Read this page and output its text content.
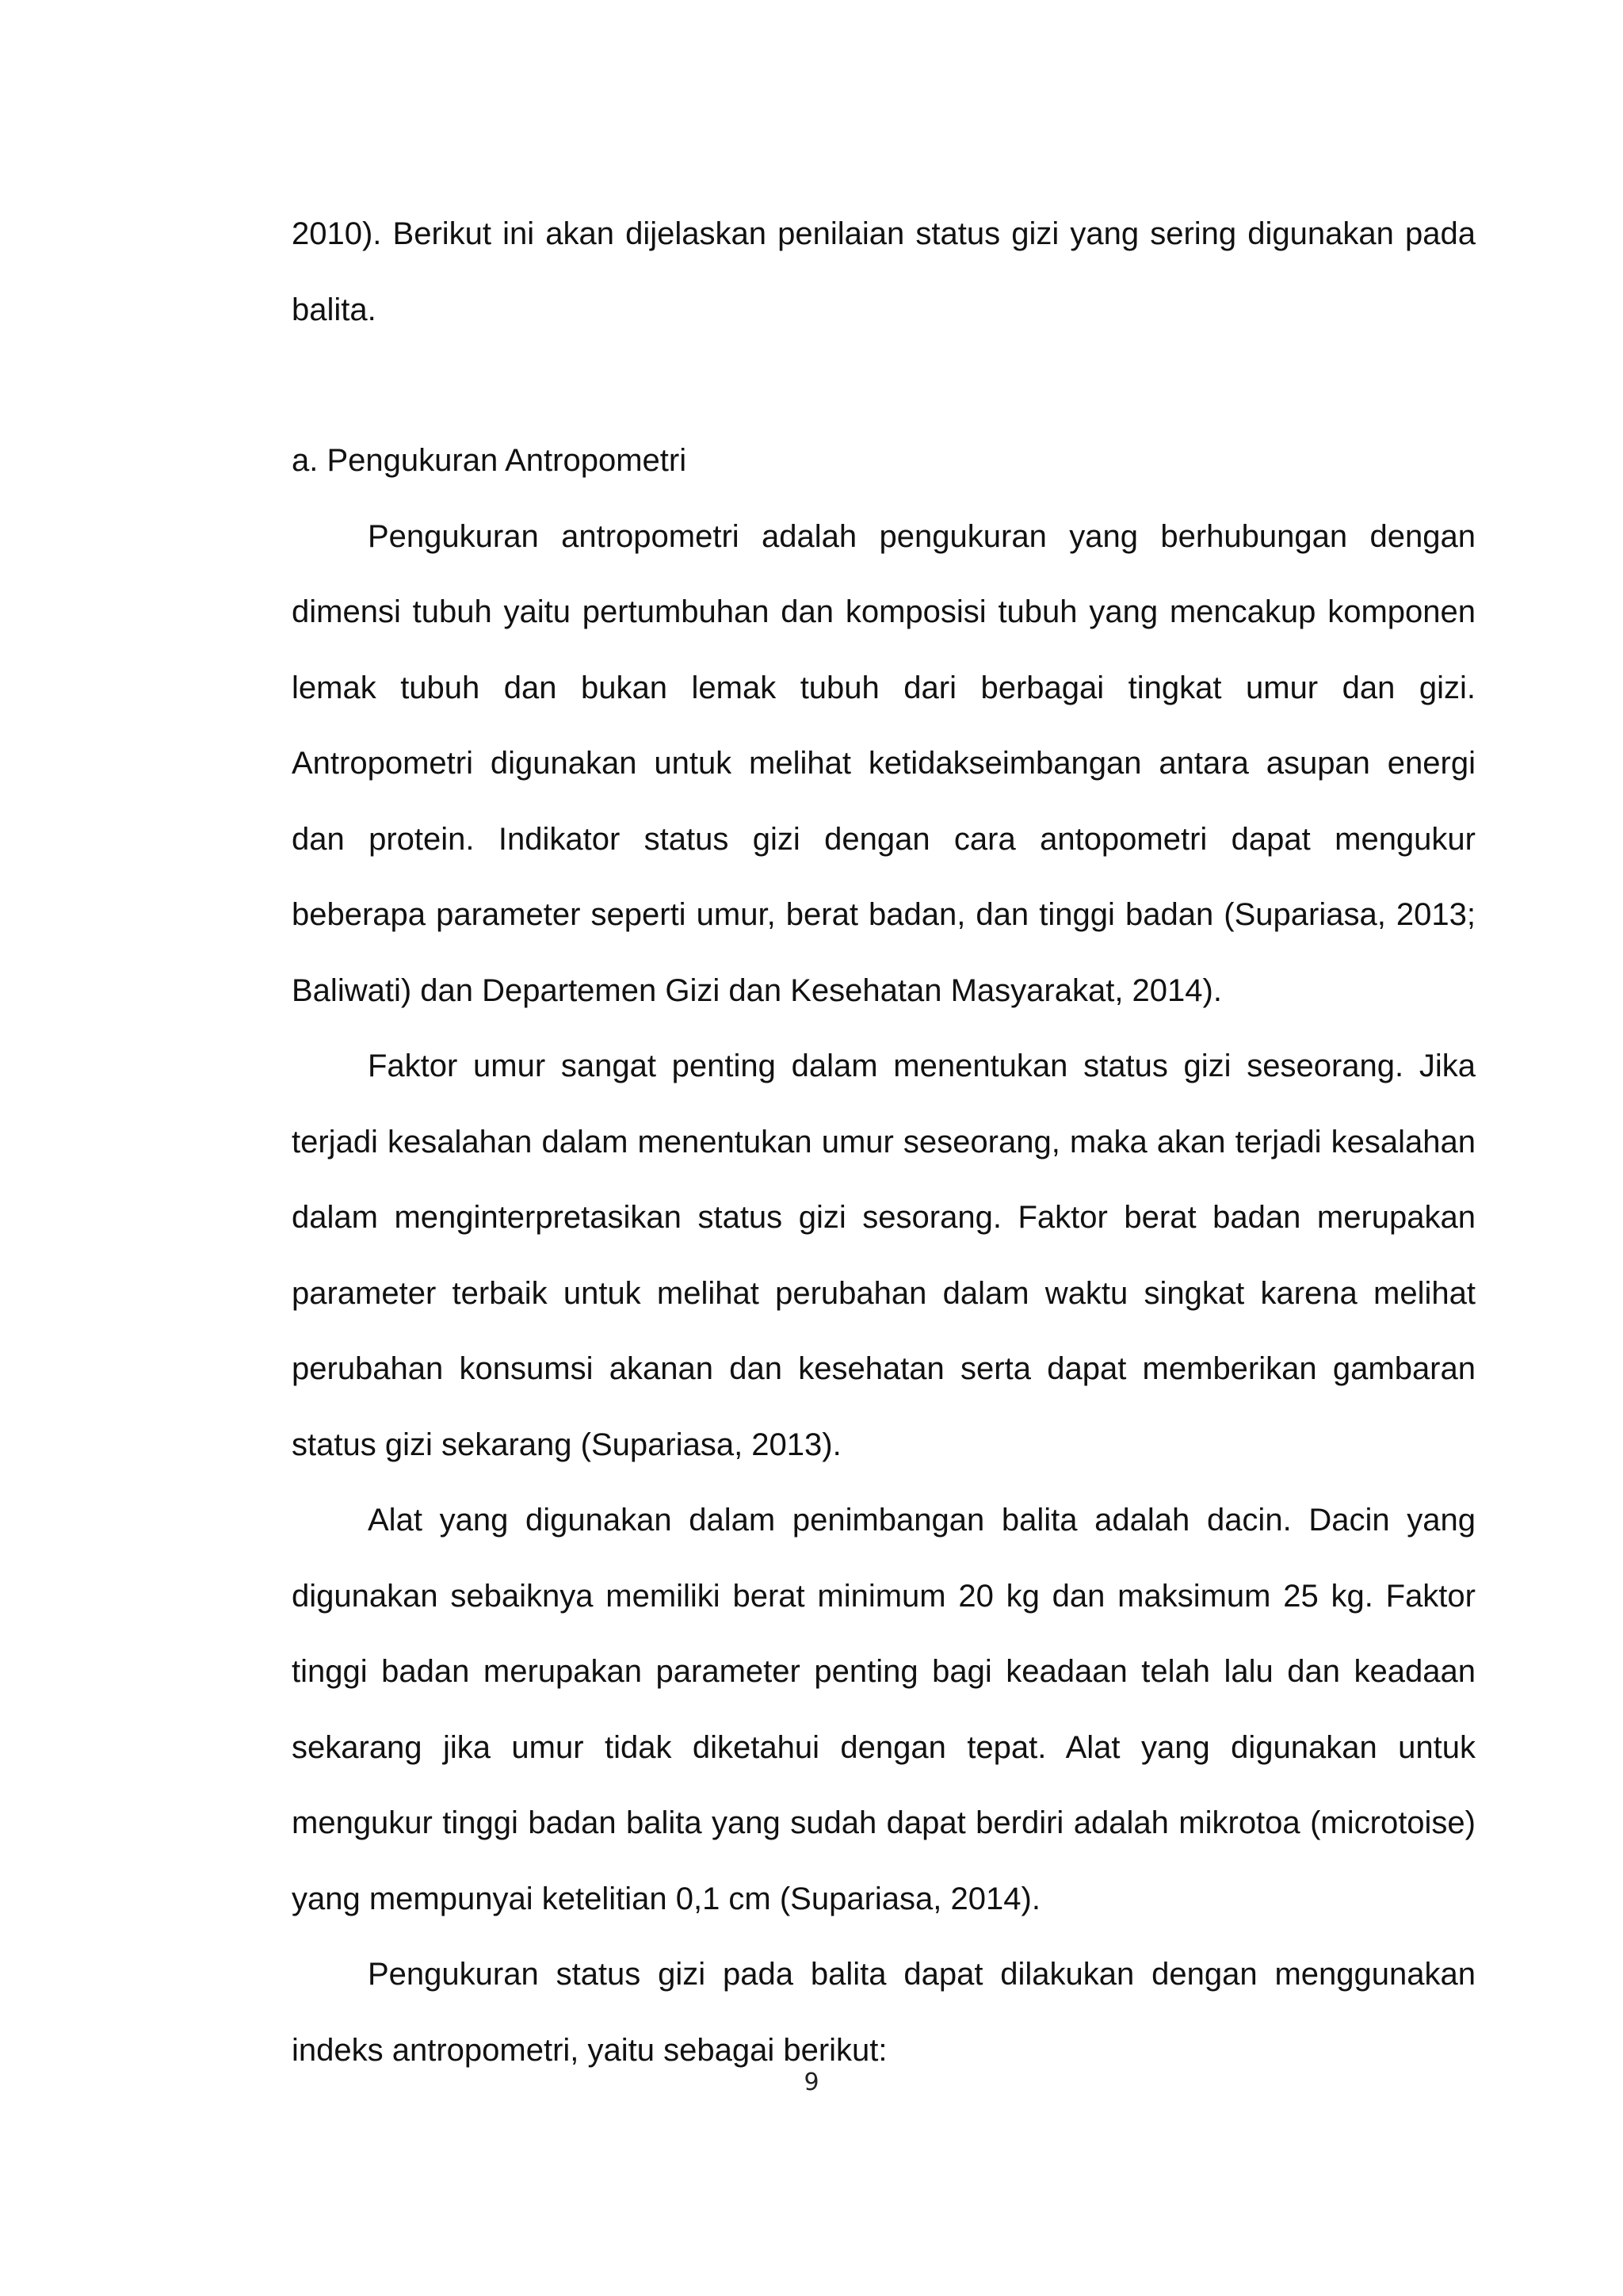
2010). Berikut ini akan dijelaskan penilaian status gizi yang sering digunakan pada balita.

a. Pengukuran Antropometri

Pengukuran antropometri adalah pengukuran yang berhubungan dengan dimensi tubuh yaitu pertumbuhan dan komposisi tubuh yang mencakup komponen lemak tubuh dan bukan lemak tubuh dari berbagai tingkat umur dan gizi. Antropometri digunakan untuk melihat ketidakseimbangan antara asupan energi dan protein. Indikator status gizi dengan cara antopometri dapat mengukur beberapa parameter seperti umur, berat badan, dan tinggi badan (Supariasa, 2013; Baliwati) dan Departemen Gizi dan Kesehatan Masyarakat, 2014).

Faktor umur sangat penting dalam menentukan status gizi seseorang. Jika terjadi kesalahan dalam menentukan umur seseorang, maka akan terjadi kesalahan dalam menginterpretasikan status gizi sesorang. Faktor berat badan merupakan parameter terbaik untuk melihat perubahan dalam waktu singkat karena melihat perubahan konsumsi akanan dan kesehatan serta dapat memberikan gambaran status gizi sekarang (Supariasa, 2013).

Alat yang digunakan dalam penimbangan balita adalah dacin. Dacin yang digunakan sebaiknya memiliki berat minimum 20 kg dan maksimum 25 kg. Faktor tinggi badan merupakan parameter penting bagi keadaan telah lalu dan keadaan sekarang jika umur tidak diketahui dengan tepat. Alat yang digunakan untuk mengukur tinggi badan balita yang sudah dapat berdiri adalah mikrotoa (microtoise) yang mempunyai ketelitian 0,1 cm (Supariasa, 2014).

Pengukuran status gizi pada balita dapat dilakukan dengan menggunakan indeks antropometri, yaitu sebagai berikut:

9
